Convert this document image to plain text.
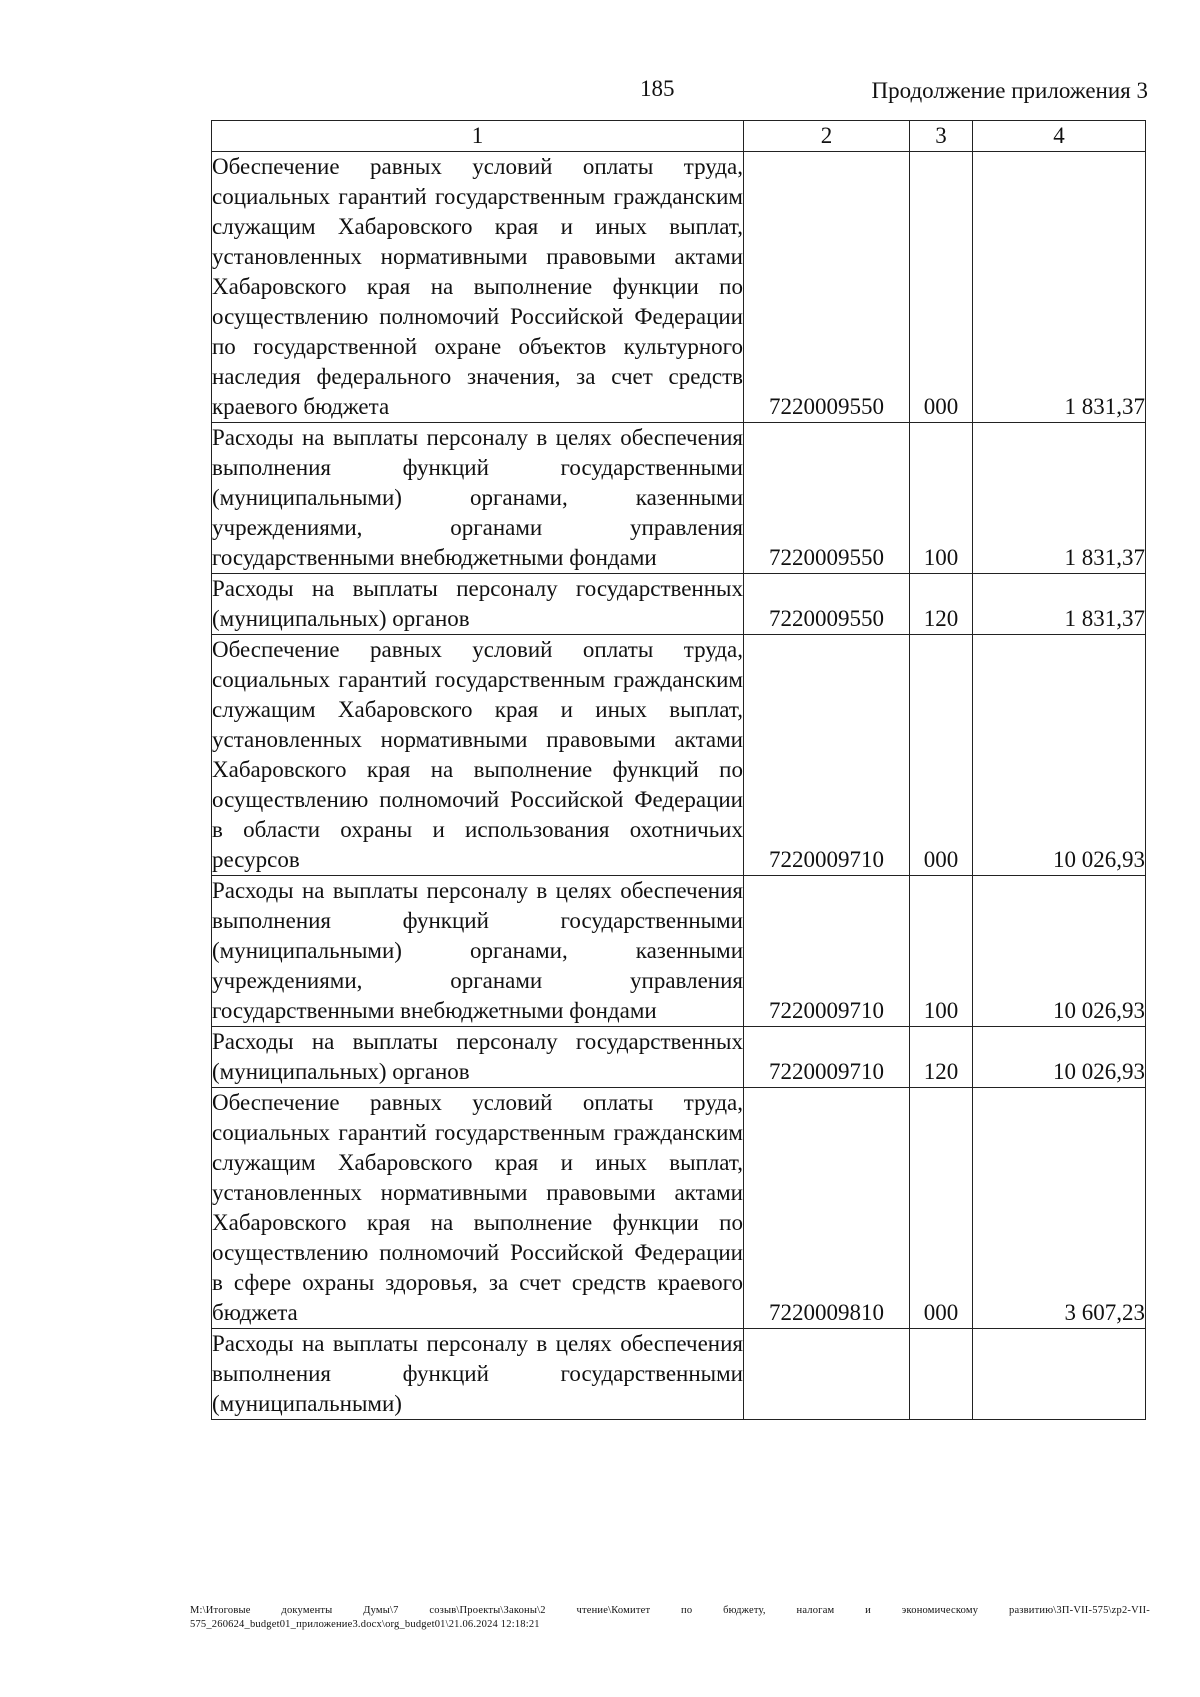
185	Продолжение приложения 3
1	2	3	4
Обеспечение равных условий оплаты труда, социальных гарантий государственным гражданским служащим Хабаровского края и иных выплат, установленных нормативными правовыми актами Хабаровского края на выполнение функции по осуществлению полномочий Российской Федерации по государственной охране объектов культурного наследия федерального значения, за счет средств краевого бюджета	7220009550	000	1 831,37
Расходы на выплаты персоналу в целях обеспечения выполнения функций государственными (муниципальными) органами, казенными учреждениями, органами управления государственными внебюджетными фондами	7220009550	100	1 831,37
Расходы на выплаты персоналу государственных (муниципальных) органов	7220009550	120	1 831,37
Обеспечение равных условий оплаты труда, социальных гарантий государственным гражданским служащим Хабаровского края и иных выплат, установленных нормативными правовыми актами Хабаровского края на выполнение функций по осуществлению полномочий Российской Федерации в области охраны и использования охотничьих ресурсов	7220009710	000	10 026,93
Расходы на выплаты персоналу в целях обеспечения выполнения функций государственными (муниципальными) органами, казенными учреждениями, органами управления государственными внебюджетными фондами	7220009710	100	10 026,93
Расходы на выплаты персоналу государственных (муниципальных) органов	7220009710	120	10 026,93
Обеспечение равных условий оплаты труда, социальных гарантий государственным гражданским служащим Хабаровского края и иных выплат, установленных нормативными правовыми актами Хабаровского края на выполнение функции по осуществлению полномочий Российской Федерации в сфере охраны здоровья, за счет средств краевого бюджета	7220009810	000	3 607,23
Расходы на выплаты персоналу в целях обеспечения выполнения функций государственными (муниципальными)			
M:\Итоговые документы Думы\7 созыв\Проекты\Законы\2 чтение\Комитет по бюджету, налогам и экономическому развитию\3П-VII-575\zp2-VII-575_260624_budget01_приложение3.docx\org_budget01\21.06.2024 12:18:21
